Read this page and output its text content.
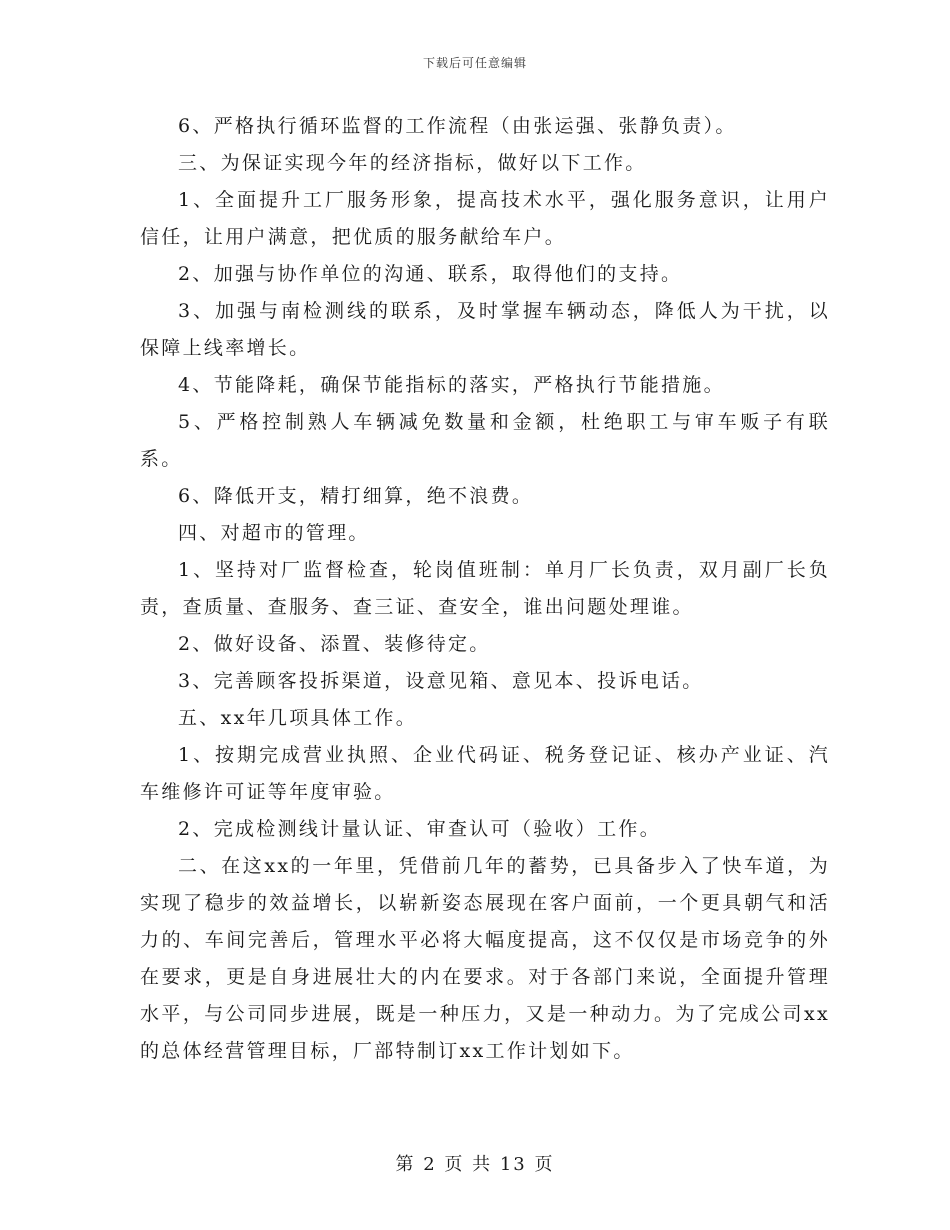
下载后可任意编辑

6、严格执行循环监督的工作流程（由张运强、张静负责）。

三、为保证实现今年的经济指标，做好以下工作。

1、全面提升工厂服务形象，提高技术水平，强化服务意识，让用户信任，让用户满意，把优质的服务献给车户。

2、加强与协作单位的沟通、联系，取得他们的支持。

3、加强与南检测线的联系，及时掌握车辆动态，降低人为干扰，以保障上线率增长。

4、节能降耗，确保节能指标的落实，严格执行节能措施。

5、严格控制熟人车辆减免数量和金额，杜绝职工与审车贩子有联系。

6、降低开支，精打细算，绝不浪费。

四、对超市的管理。

1、坚持对厂监督检查，轮岗值班制：单月厂长负责，双月副厂长负责，查质量、查服务、查三证、查安全，谁出问题处理谁。

2、做好设备、添置、装修待定。

3、完善顾客投拆渠道，设意见箱、意见本、投诉电话。

五、xx年几项具体工作。

1、按期完成营业执照、企业代码证、税务登记证、核办产业证、汽车维修许可证等年度审验。

2、完成检测线计量认证、审查认可（验收）工作。

二、在这xx的一年里，凭借前几年的蓄势，已具备步入了快车道，为实现了稳步的效益增长，以崭新姿态展现在客户面前，一个更具朝气和活力的、车间完善后，管理水平必将大幅度提高，这不仅仅是市场竞争的外在要求，更是自身进展壮大的内在要求。对于各部门来说，全面提升管理水平，与公司同步进展，既是一种压力，又是一种动力。为了完成公司xx的总体经营管理目标，厂部特制订xx工作计划如下。

第 2 页 共 13 页
